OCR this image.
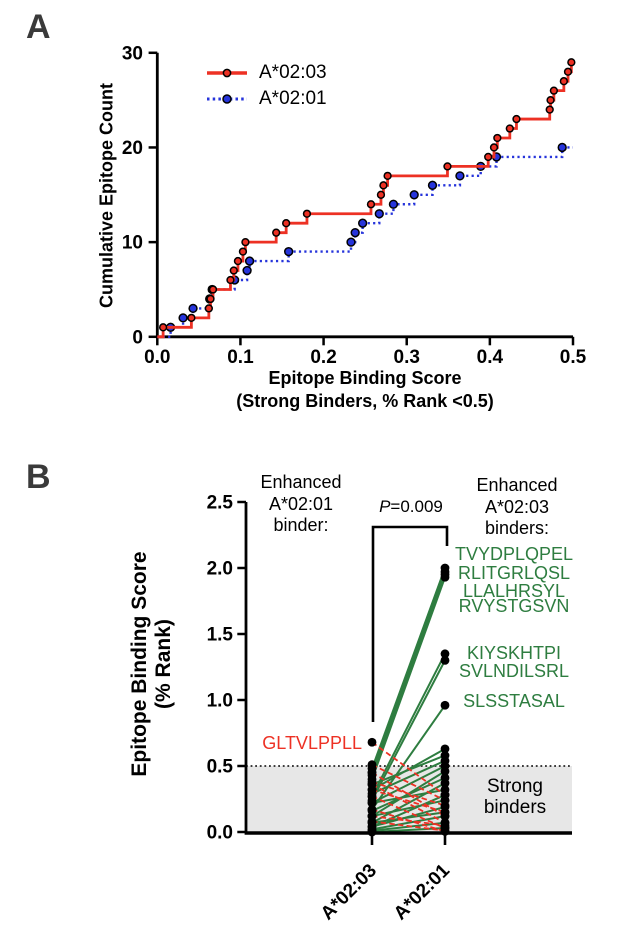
A
0
10
20
30
0.0	0.1	0.2	0.3	0.4	0.5
Cumulative Epitope Count
A*02:03
A*02:01
Epitope Binding Score
(Strong Binders, % Rank <0.5)
B
0.0
0.5
1.0
1.5
2.0
2.5
Epitope Binding Score (% Rank)
Enhanced
A*02:01
binder:
P=0.009
Enhanced
A*02:03
binders:
TVYDPLQPEL
RLITGRLQSL
LLALHRSYL
RVYSTGSVN
KIYSKHTPI
SVLNDILSRL
SLSSTASAL
GLTVLPPLL
Strong binders
A*02:03 A*02:01
